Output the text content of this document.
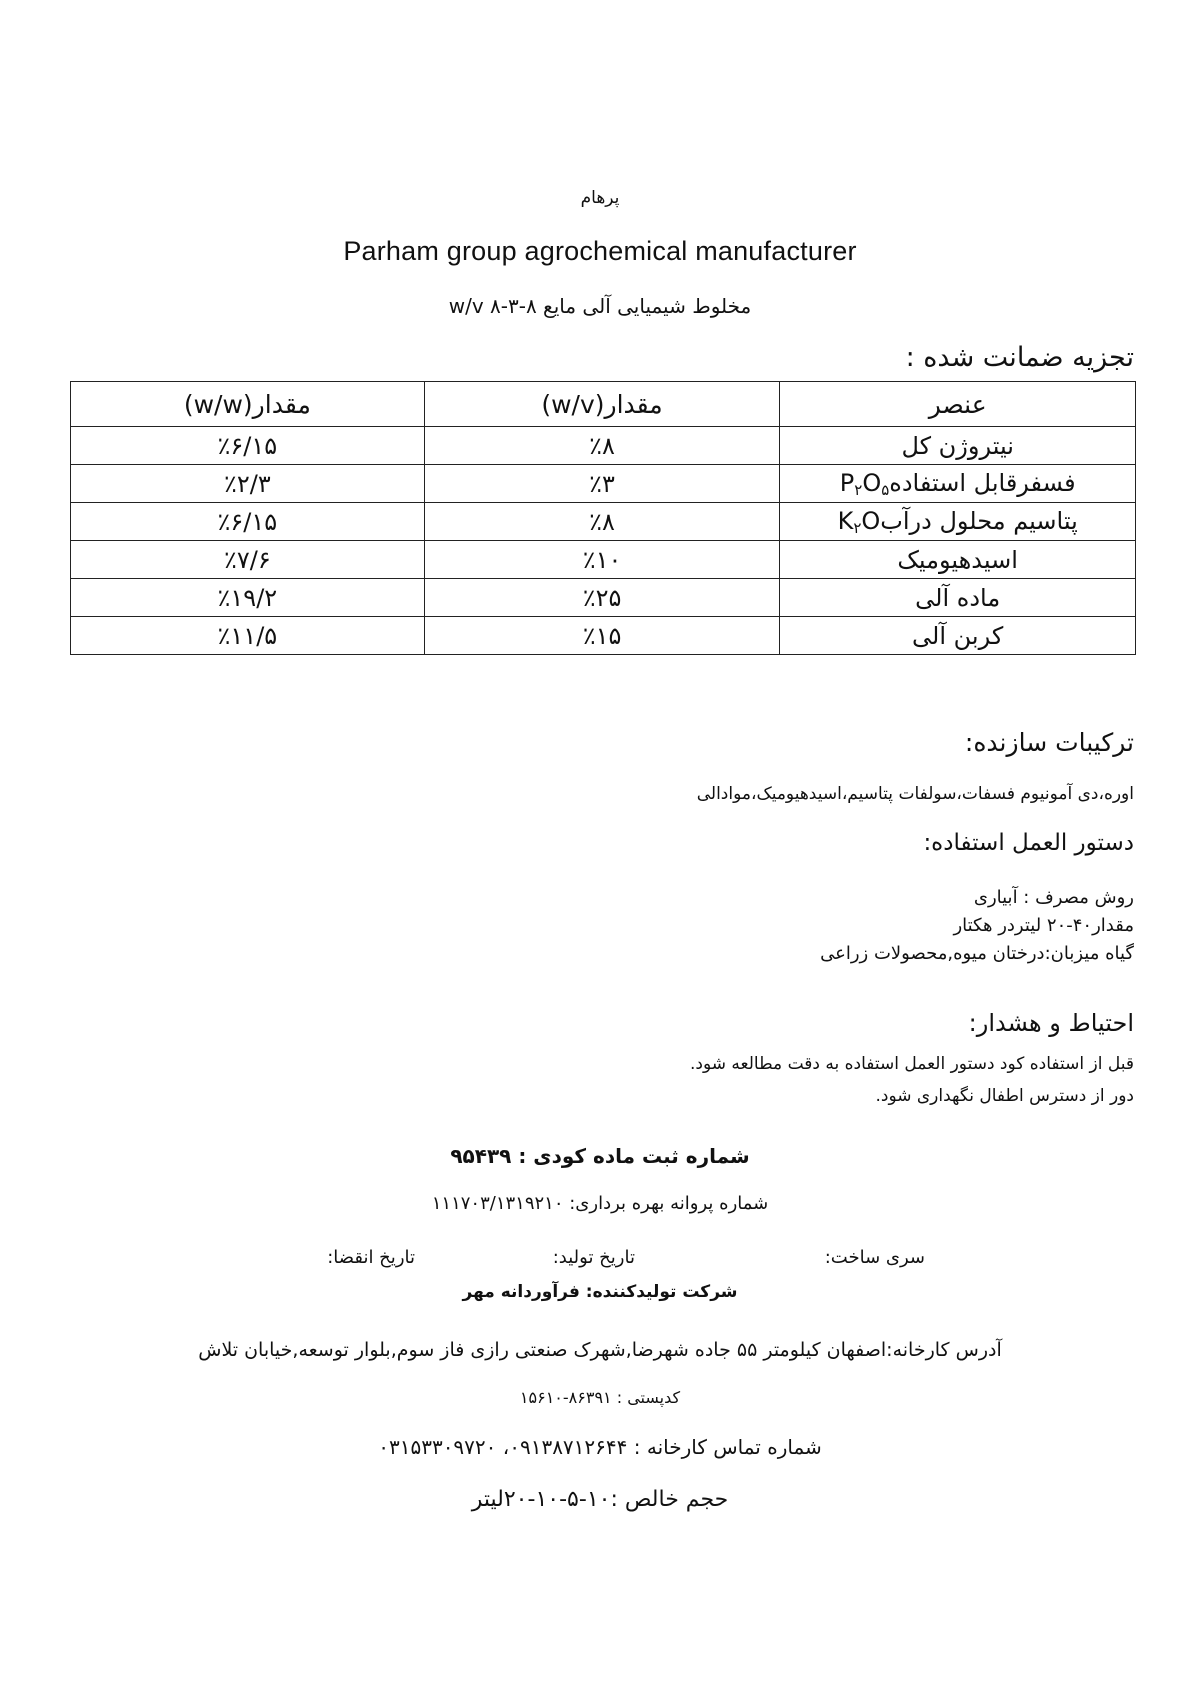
پرهام
Parham group agrochemical manufacturer
مخلوط شیمیایی آلی مایع ۸-۳-۸ w/v
تجزیه ضمانت شده :
عنصر	مقدار(w/v)	مقدار(w/w)
نیتروژن کل	٪۸	٪۶/۱۵
فسفرقابل $استفادهP_۲O_۵$	٪۳	٪۲/۳
پتاسیم محلول درآبK$_۲$O	٪۸	٪۶/۱۵
اسیدهیومیک	٪۱۰	٪۷/۶
ماده آلی	٪۲۵	٪۱۹/۲
کربن آلی	٪۱۵	٪۱۱/۵
ترکیبات سازنده:
اوره،دی آمونیوم فسفات،سولفات پتاسیم،اسیدهیومیک،موادالی
دستور العمل استفاده:
روش مصرف : آبیاری
مقدار۴۰-۲۰ لیتردر هکتار
گیاه میزبان:درختان میوه,محصولات زراعی
احتیاط و هشدار:
قبل از استفاده کود دستور العمل استفاده به دقت مطالعه شود.
دور از دسترس اطفال نگهداری شود.
شماره ثبت ماده کودی : ۹۵۴۳۹
شماره پروانه بهره برداری: ۱۱۱۷۰۳/۱۳۱۹۲۱۰
سری ساخت:
تاریخ تولید:
تاریخ انقضا:
شرکت تولیدکننده: فرآوردانه مهر
آدرس کارخانه:اصفهان کیلومتر ۵۵ جاده شهرضا,شهرک صنعتی رازی فاز سوم,بلوار توسعه,خیابان تلاش
کدپستی : ۸۶۳۹۱-۱۵۶۱۰
شماره تماس کارخانه : ۰۹۱۳۸۷۱۲۶۴۴، ۰۳۱۵۳۳۰۹۷۲۰
حجم خالص :۱۰-۵-۱۰-۲۰لیتر
